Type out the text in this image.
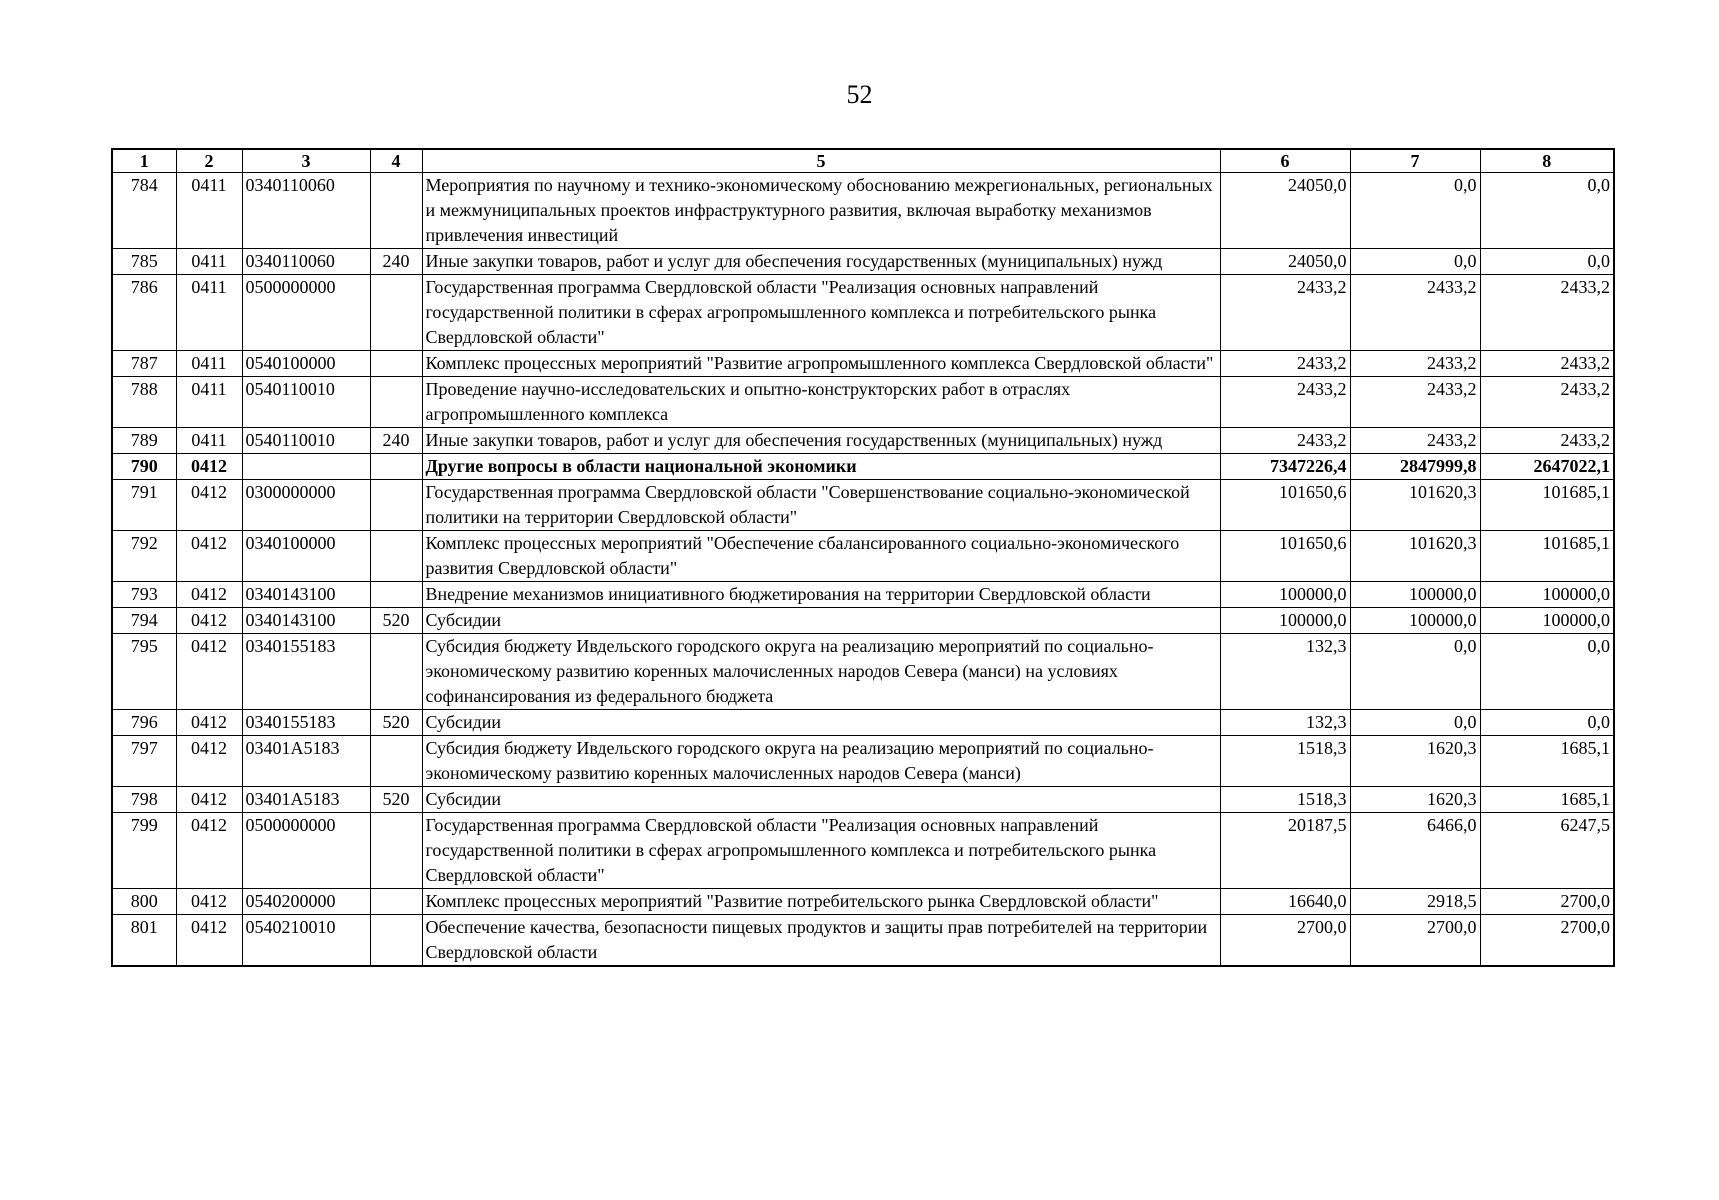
52
1	2	3	4	5	6	7	8
784	0411	0340110060		Мероприятия по научному и технико-экономическому обоснованию межрегиональных, региональных и межмуниципальных проектов инфраструктурного развития, включая выработку механизмов привлечения инвестиций	24050,0	0,0	0,0
785	0411	0340110060	240	Иные закупки товаров, работ и услуг для обеспечения государственных (муниципальных) нужд	24050,0	0,0	0,0
786	0411	0500000000		Государственная программа Свердловской области "Реализация основных направлений государственной политики в сферах агропромышленного комплекса и потребительского рынка Свердловской области"	2433,2	2433,2	2433,2
787	0411	0540100000		Комплекс процессных мероприятий "Развитие агропромышленного комплекса Свердловской области"	2433,2	2433,2	2433,2
788	0411	0540110010		Проведение научно-исследовательских и опытно-конструкторских работ в отраслях агропромышленного комплекса	2433,2	2433,2	2433,2
789	0411	0540110010	240	Иные закупки товаров, работ и услуг для обеспечения государственных (муниципальных) нужд	2433,2	2433,2	2433,2
790	0412			Другие вопросы в области национальной экономики	7347226,4	2847999,8	2647022,1
791	0412	0300000000		Государственная программа Свердловской области "Совершенствование социально-экономической политики на территории Свердловской области"	101650,6	101620,3	101685,1
792	0412	0340100000		Комплекс процессных мероприятий "Обеспечение сбалансированного социально-экономического развития Свердловской области"	101650,6	101620,3	101685,1
793	0412	0340143100		Внедрение механизмов инициативного бюджетирования на территории Свердловской области	100000,0	100000,0	100000,0
794	0412	0340143100	520	Субсидии	100000,0	100000,0	100000,0
795	0412	0340155183		Субсидия бюджету Ивдельского городского округа на реализацию мероприятий по социально-экономическому развитию коренных малочисленных народов Севера (манси) на условиях софинансирования из федерального бюджета	132,3	0,0	0,0
796	0412	0340155183	520	Субсидии	132,3	0,0	0,0
797	0412	03401А5183		Субсидия бюджету Ивдельского городского округа на реализацию мероприятий по социально-экономическому развитию коренных малочисленных народов Севера (манси)	1518,3	1620,3	1685,1
798	0412	03401А5183	520	Субсидии	1518,3	1620,3	1685,1
799	0412	0500000000		Государственная программа Свердловской области "Реализация основных направлений государственной политики в сферах агропромышленного комплекса и потребительского рынка Свердловской области"	20187,5	6466,0	6247,5
800	0412	0540200000		Комплекс процессных мероприятий "Развитие потребительского рынка Свердловской области"	16640,0	2918,5	2700,0
801	0412	0540210010		Обеспечение качества, безопасности пищевых продуктов и защиты прав потребителей на территории Свердловской области	2700,0	2700,0	2700,0
